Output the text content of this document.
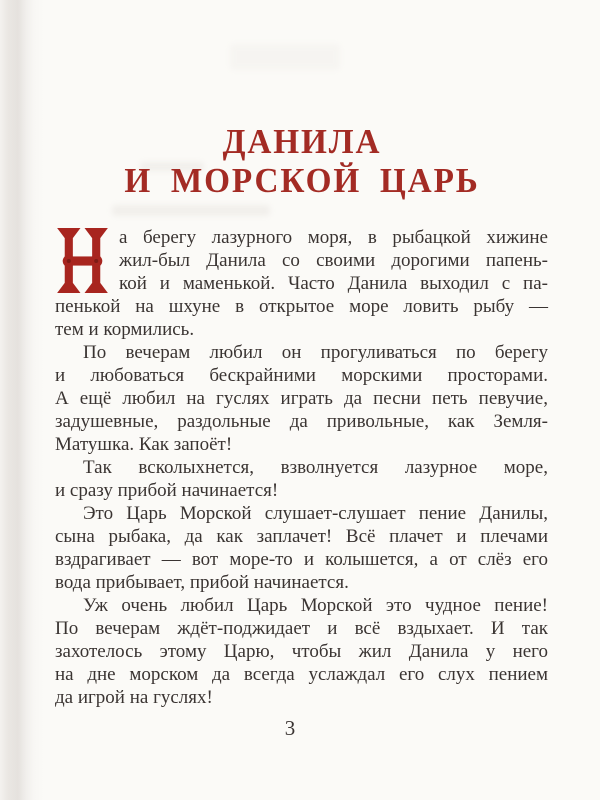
ДАНИЛА
И МОРСКОЙ ЦАРЬ
а берегу лазурного моря, в рыбацкой хижине
жил-был Данила со своими дорогими папень-
кой и маменькой. Часто Данила выходил с па-
пенькой на шхуне в открытое море ловить рыбу —
тем и кормились.
По вечерам любил он прогуливаться по берегу
и любоваться бескрайними морскими просторами.
А ещё любил на гуслях играть да песни петь певучие,
задушевные, раздольные да привольные, как Земля-
Матушка. Как запоёт!
Так всколыхнется, взволнуется лазурное море,
и сразу прибой начинается!
Это Царь Морской слушает-слушает пение Данилы,
сына рыбака, да как заплачет! Всё плачет и плечами
вздрагивает — вот море-то и колышется, а от слёз его
вода прибывает, прибой начинается.
Уж очень любил Царь Морской это чудное пение!
По вечерам ждёт-поджидает и всё вздыхает. И так
захотелось этому Царю, чтобы жил Данила у него
на дне морском да всегда услаждал его слух пением
да игрой на гуслях!
3
